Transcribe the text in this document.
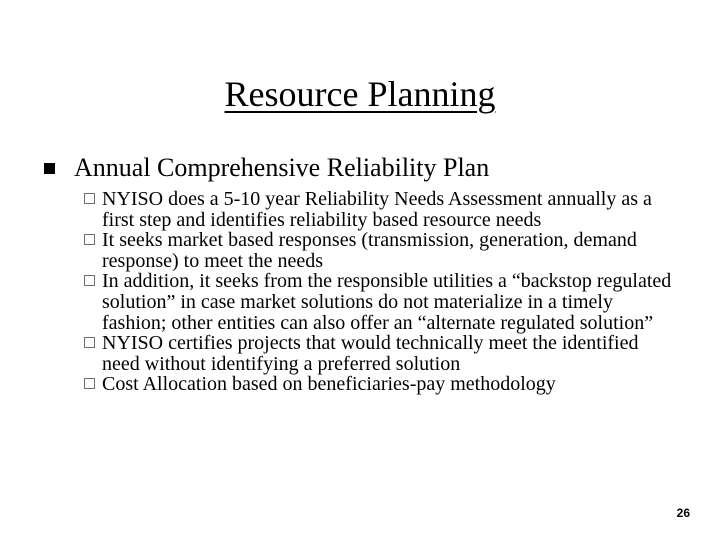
Resource Planning
Annual Comprehensive Reliability Plan
NYISO does a 5-10 year Reliability Needs Assessment annually as a first step and identifies reliability based resource needs
It seeks market based responses (transmission, generation, demand response) to meet the needs
In addition, it seeks from the responsible utilities a “backstop regulated solution” in case market solutions do not materialize in a timely fashion; other entities can also offer an “alternate regulated solution”
NYISO certifies projects that would technically meet the identified need without identifying a preferred solution
Cost Allocation based on beneficiaries-pay methodology
26
